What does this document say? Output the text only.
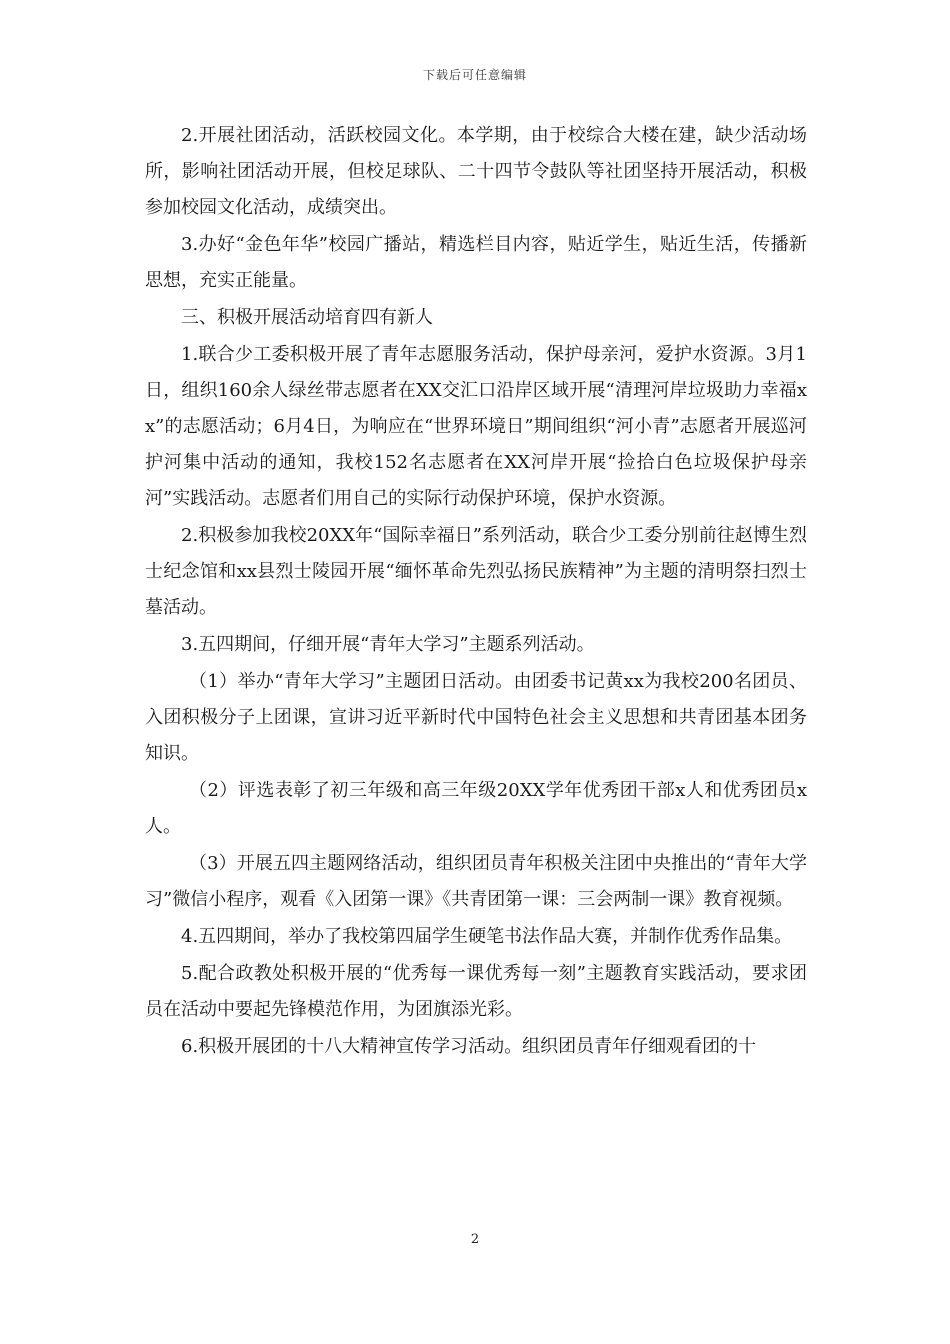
下载后可任意编辑

2.开展社团活动，活跃校园文化。本学期，由于校综合大楼在建，缺少活动场所，影响社团活动开展，但校足球队、二十四节令鼓队等社团坚持开展活动，积极参加校园文化活动，成绩突出。

3.办好“金色年华”校园广播站，精选栏目内容，贴近学生，贴近生活，传播新思想，充实正能量。

三、积极开展活动培育四有新人

1.联合少工委积极开展了青年志愿服务活动，保护母亲河，爱护水资源。3月1日，组织160余人绿丝带志愿者在XX交汇口沿岸区域开展“清理河岸垃圾助力幸福xx”的志愿活动；6月4日，为响应在“世界环境日”期间组织“河小青”志愿者开展巡河护河集中活动的通知，我校152名志愿者在XX河岸开展“捡拾白色垃圾保护母亲河”实践活动。志愿者们用自己的实际行动保护环境，保护水资源。

2.积极参加我校20XX年“国际幸福日”系列活动，联合少工委分别前往赵博生烈士纪念馆和xx县烈士陵园开展“缅怀革命先烈弘扬民族精神”为主题的清明祭扫烈士墓活动。

3.五四期间，仔细开展“青年大学习”主题系列活动。

（1）举办“青年大学习”主题团日活动。由团委书记黄xx为我校200名团员、入团积极分子上团课，宣讲习近平新时代中国特色社会主义思想和共青团基本团务知识。

（2）评选表彰了初三年级和高三年级20XX学年优秀团干部x人和优秀团员x人。

（3）开展五四主题网络活动，组织团员青年积极关注团中央推出的“青年大学习”微信小程序，观看《入团第一课》《共青团第一课：三会两制一课》教育视频。

4.五四期间，举办了我校第四届学生硬笔书法作品大赛，并制作优秀作品集。

5.配合政教处积极开展的“优秀每一课优秀每一刻”主题教育实践活动，要求团员在活动中要起先锋模范作用，为团旗添光彩。

6.积极开展团的十八大精神宣传学习活动。组织团员青年仔细观看团的十

2
